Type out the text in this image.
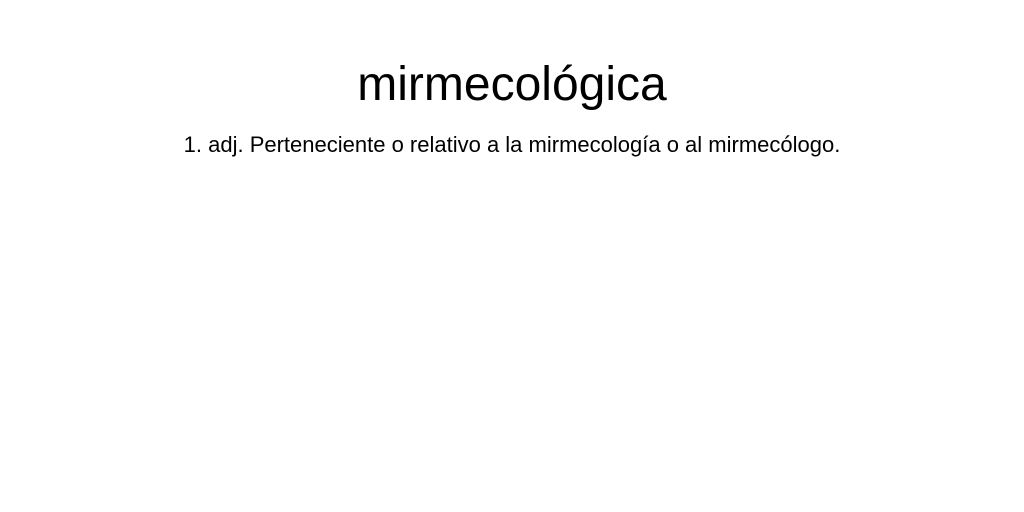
mirmecológica

1. adj. Perteneciente o relativo a la mirmecología o al mirmecólogo.
